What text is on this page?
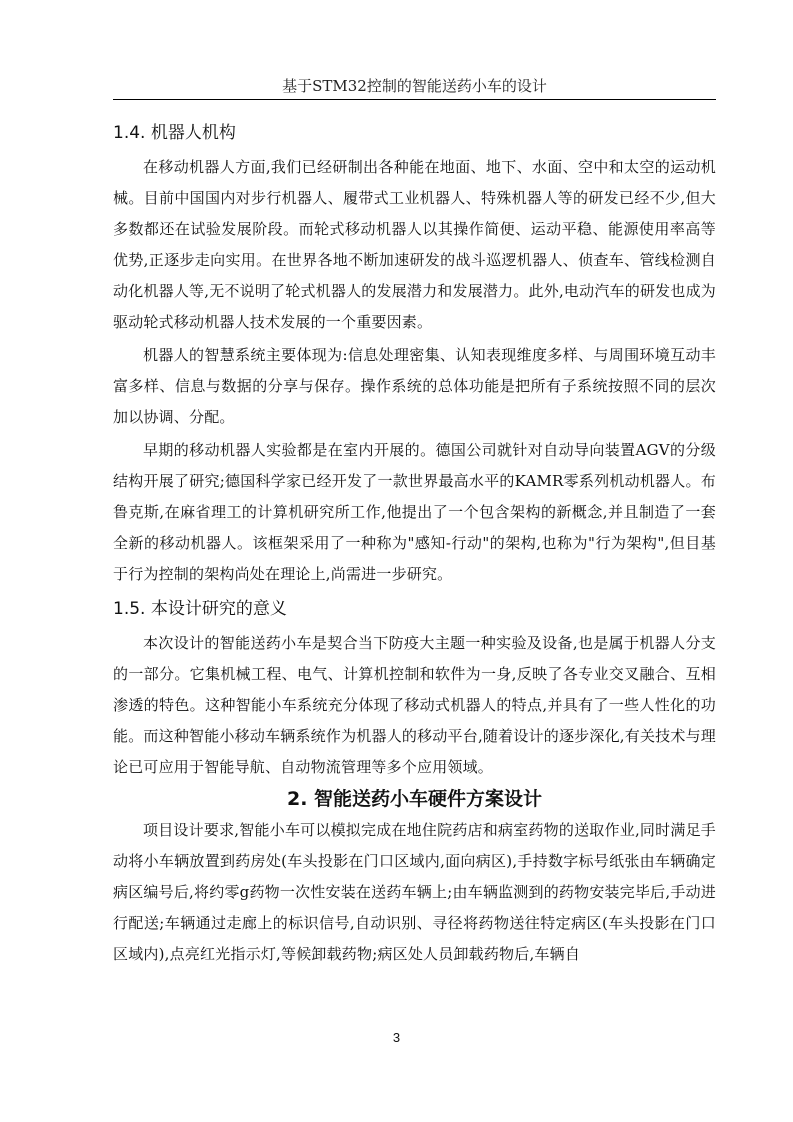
基于STM32控制的智能送药小车的设计
1.4. 机器人机构

在移动机器人方面,我们已经研制出各种能在地面、地下、水面、空中和太空的运动机械。目前中国国内对步行机器人、履带式工业机器人、特殊机器人等的研发已经不少,但大多数都还在试验发展阶段。而轮式移动机器人以其操作简便、运动平稳、能源使用率高等优势,正逐步走向实用。在世界各地不断加速研发的战斗巡逻机器人、侦查车、管线检测自动化机器人等,无不说明了轮式机器人的发展潜力和发展潜力。此外,电动汽车的研发也成为驱动轮式移动机器人技术发展的一个重要因素。

机器人的智慧系统主要体现为:信息处理密集、认知表现维度多样、与周围环境互动丰富多样、信息与数据的分享与保存。操作系统的总体功能是把所有子系统按照不同的层次加以协调、分配。

早期的移动机器人实验都是在室内开展的。德国公司就针对自动导向装置AGV的分级结构开展了研究;德国科学家已经开发了一款世界最高水平的KAMR零系列机动机器人。布鲁克斯,在麻省理工的计算机研究所工作,他提出了一个包含架构的新概念,并且制造了一套全新的移动机器人。该框架采用了一种称为"感知-行动"的架构,也称为"行为架构",但目基于行为控制的架构尚处在理论上,尚需进一步研究。

1.5. 本设计研究的意义

本次设计的智能送药小车是契合当下防疫大主题一种实验及设备,也是属于机器人分支的一部分。它集机械工程、电气、计算机控制和软件为一身,反映了各专业交叉融合、互相渗透的特色。这种智能小车系统充分体现了移动式机器人的特点,并具有了一些人性化的功能。而这种智能小移动车辆系统作为机器人的移动平台,随着设计的逐步深化,有关技术与理论已可应用于智能导航、自动物流管理等多个应用领域。

2. 智能送药小车硬件方案设计

项目设计要求,智能小车可以模拟完成在地住院药店和病室药物的送取作业,同时满足手动将小车辆放置到药房处(车头投影在门口区域内,面向病区),手持数字标号纸张由车辆确定病区编号后,将约零g药物一次性安装在送药车辆上;由车辆监测到的药物安装完毕后,手动进行配送;车辆通过走廊上的标识信号,自动识别、寻径将药物送往特定病区(车头投影在门口区域内),点亮红光指示灯,等候卸载药物;病区处人员卸载药物后,车辆自

3
